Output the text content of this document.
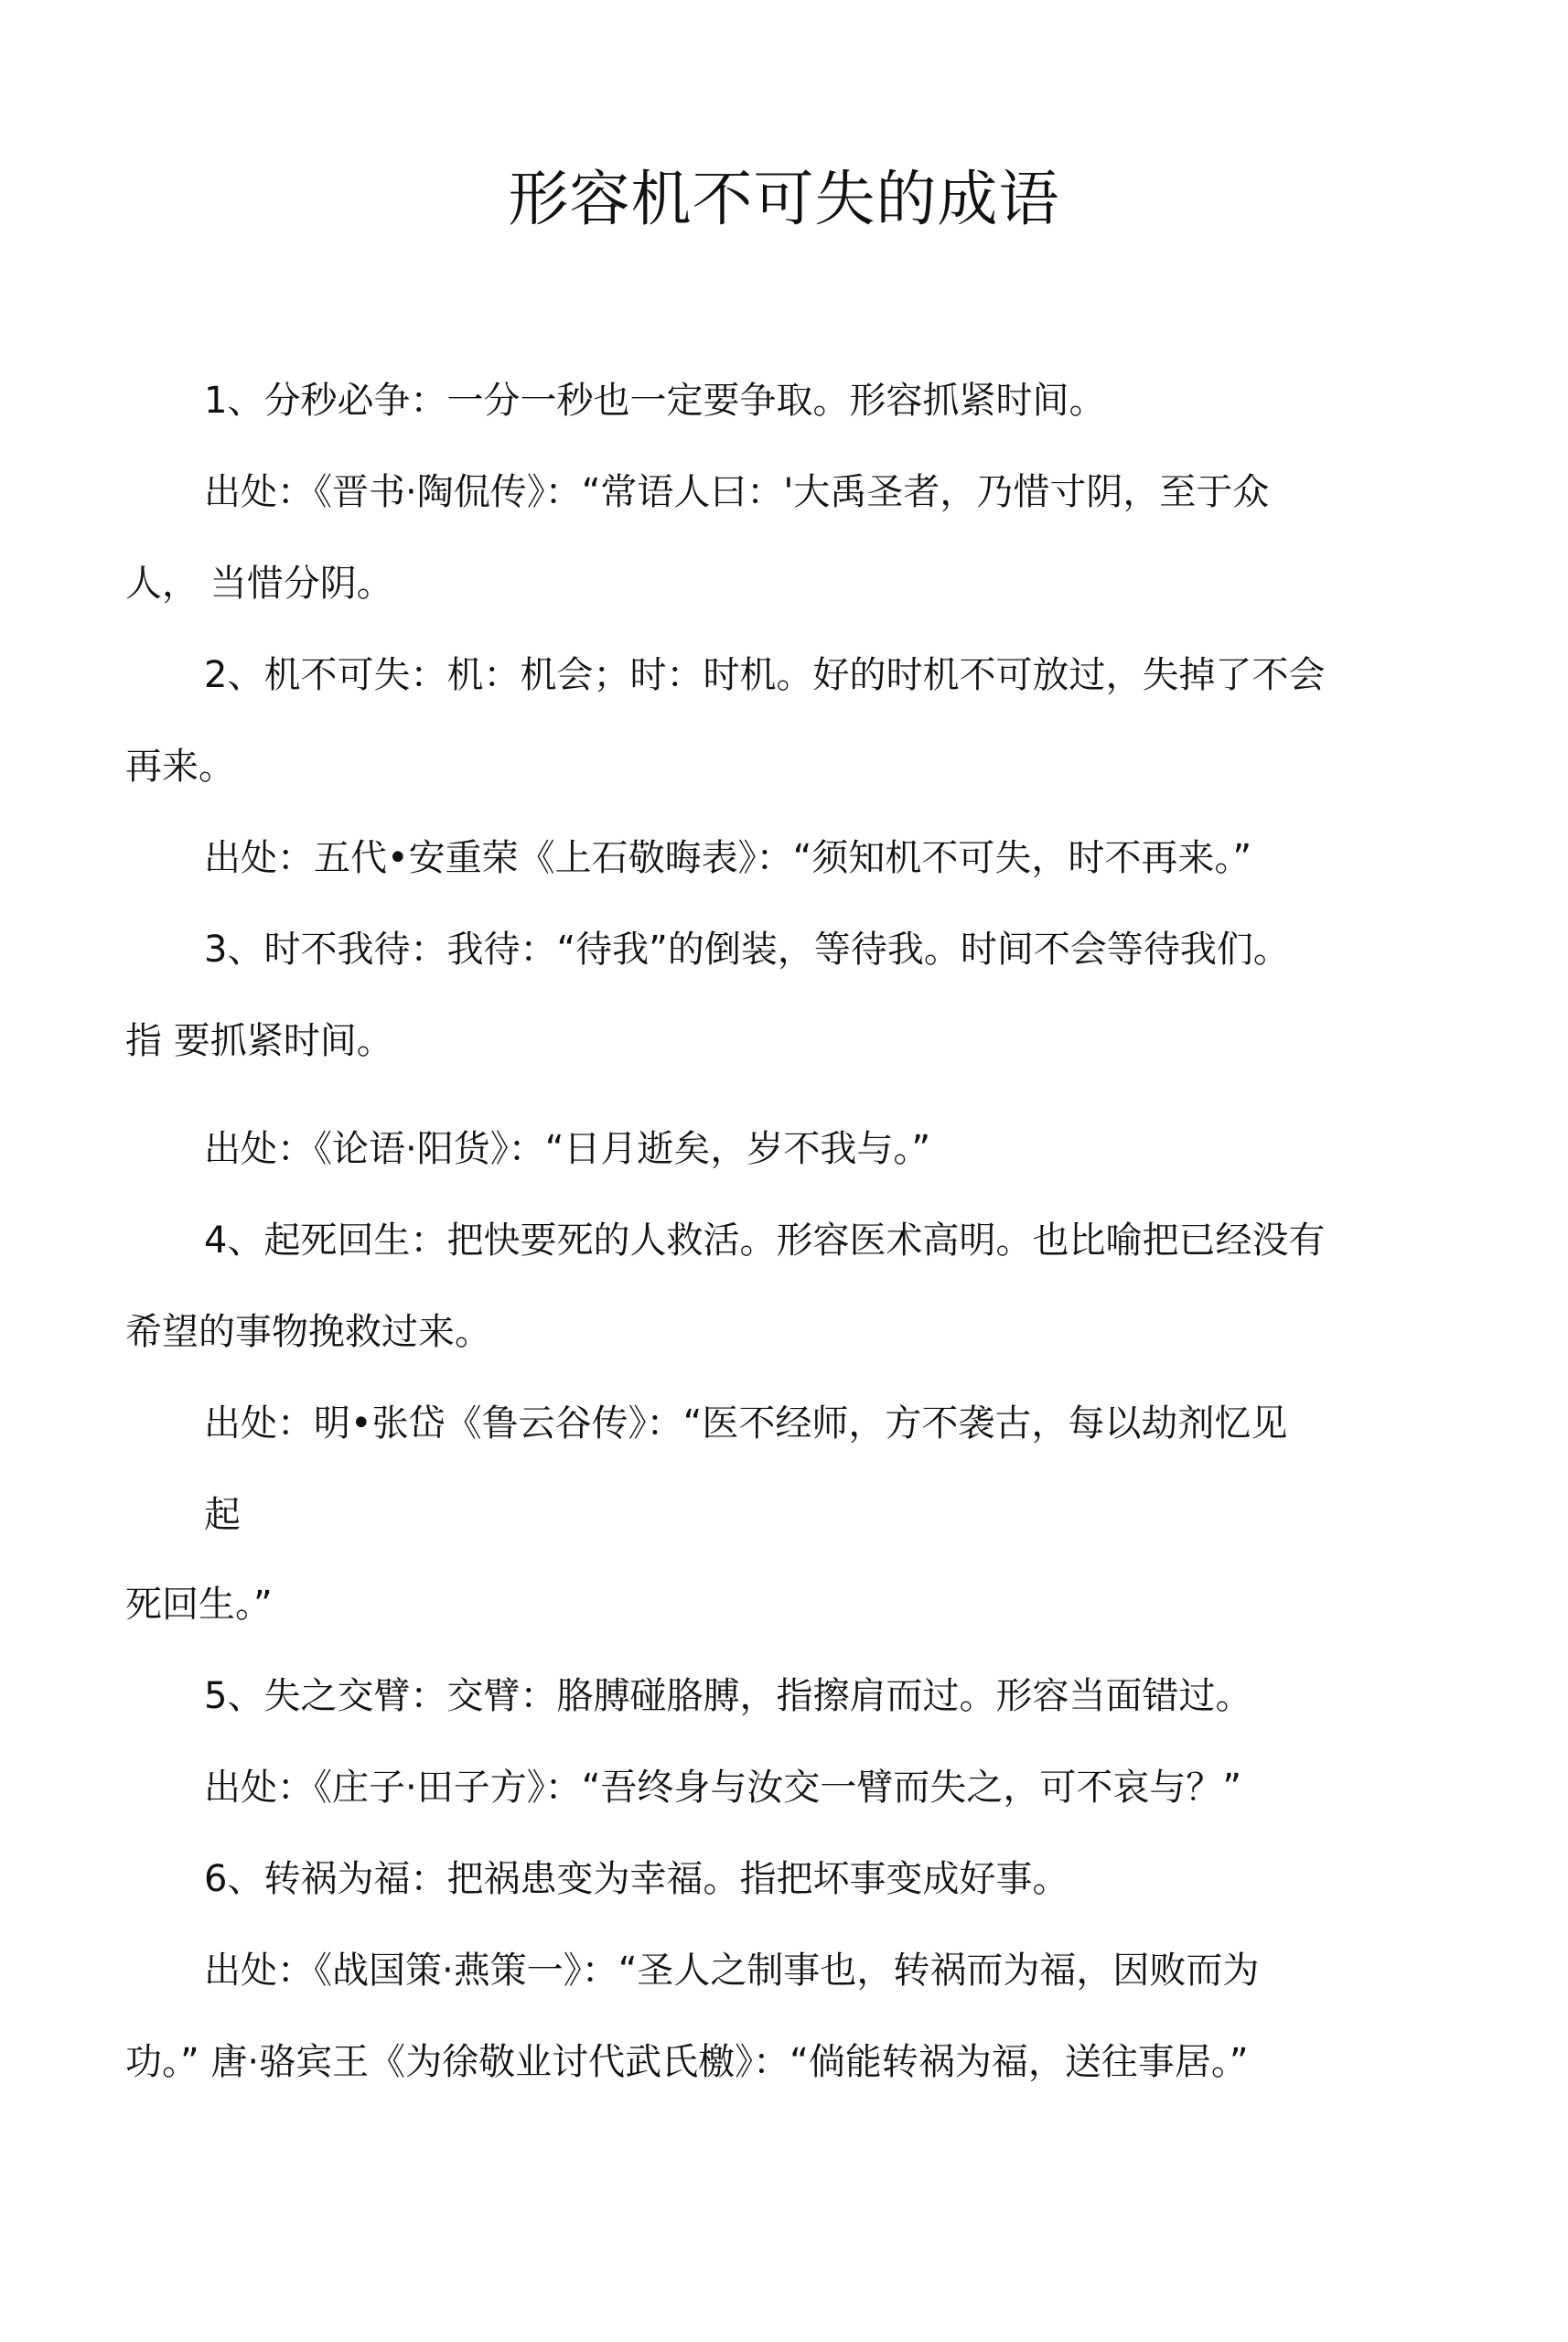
形容机不可失的成语
1、分秒必争：一分一秒也一定要争取。形容抓紧时间。
出处：《晋书·陶侃传》：“常语人曰：'大禹圣者，乃惜寸阴，至于众
人， 当惜分阴。
2、机不可失：机：机会；时：时机。好的时机不可放过，失掉了不会
再来。
出处：五代•安重荣《上石敬晦表》：“须知机不可失，时不再来。”
3、时不我待：我待：“待我”的倒装，等待我。时间不会等待我们。
指 要抓紧时间。
出处：《论语·阳货》：“日月逝矣，岁不我与。”
4、起死回生：把快要死的人救活。形容医术高明。也比喻把已经没有
希望的事物挽救过来。
出处：明•张岱《鲁云谷传》：“医不经师，方不袭古，每以劫剂忆见
起
死回生。”
5、失之交臂：交臂：胳膊碰胳膊，指擦肩而过。形容当面错过。
出处：《庄子·田子方》：“吾终身与汝交一臂而失之，可不哀与？”
6、转祸为福：把祸患变为幸福。指把坏事变成好事。
出处：《战国策·燕策一》：“圣人之制事也，转祸而为福，因败而为
功。” 唐·骆宾王《为徐敬业讨代武氏檄》：“倘能转祸为福，送往事居。”
